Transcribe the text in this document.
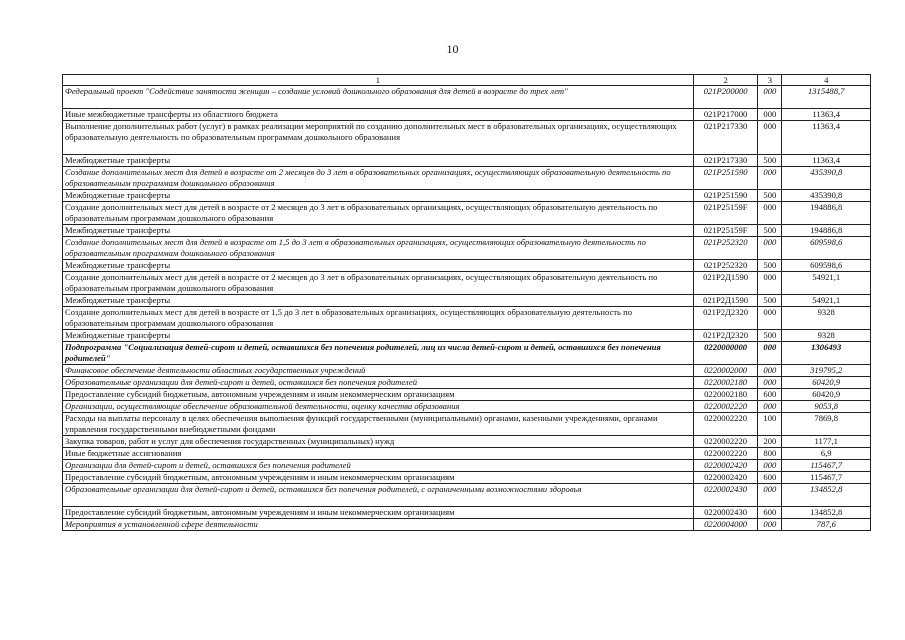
10
1	2	3	4
Федеральный проект "Содействие занятости женщин – создание условий дошкольного образования для детей в возрасте до трех лет"	021P200000	000	1315488,7
Иные межбюджетные трансферты из областного бюджета	021P217000	000	11363,4
Выполнение дополнительных работ (услуг) в рамках реализации мероприятий по созданию дополнительных мест в образовательных организациях, осуществляющих образовательную деятельность по образовательным программам дошкольного образования	021P217330	000	11363,4
Межбюджетные трансферты	021P217330	500	11363,4
Создание дополнительных мест для детей в возрасте от 2 месяцев до 3 лет в образовательных организациях, осуществляющих образовательную деятельность по образовательным программам дошкольного образования	021P251590	000	435390,8
Межбюджетные трансферты	021P251590	500	435390,8
Создание дополнительных мест для детей в возрасте от 2 месяцев до 3 лет в образовательных организациях, осуществляющих образовательную деятельность по образовательным программам дошкольного образования	021P25159F	000	194886,8
Межбюджетные трансферты	021P25159F	500	194886,8
Создание дополнительных мест для детей в возрасте от 1,5 до 3 лет в образовательных организациях, осуществляющих образовательную деятельность по образовательным программам дошкольного образования	021P252320	000	609598,6
Межбюджетные трансферты	021P252320	500	609598,6
Создание дополнительных мест для детей в возрасте от 2 месяцев до 3 лет в образовательных организациях, осуществляющих образовательную деятельность по образовательным программам дошкольного образования	021P2Д1590	000	54921,1
Межбюджетные трансферты	021P2Д1590	500	54921,1
Создание дополнительных мест для детей в возрасте от 1,5 до 3 лет в образовательных организациях, осуществляющих образовательную деятельность по образовательным программам дошкольного образования	021P2Д2320	000	9328
Межбюджетные трансферты	021P2Д2320	500	9328
Подпрограмма "Социализация детей-сирот и детей, оставшихся без попечения родителей, лиц из числа детей-сирот и детей, оставшихся без попечения родителей"	0220000000	000	1306493
Финансовое обеспечение деятельности областных государственных учреждений	0220002000	000	319795,2
Образовательные организации для детей-сирот и детей, оставшихся без попечения родителей	0220002180	000	60420,9
Предоставление субсидий бюджетным, автономным учреждениям и иным некоммерческим организациям	0220002180	600	60420,9
Организации, осуществляющие обеспечение образовательной деятельности, оценку качества образования	0220002220	000	9053,8
Расходы на выплаты персоналу в целях обеспечения выполнения функций государственными (муниципальными) органами, казенными учреждениями, органами управления государственными внебюджетными фондами	0220002220	100	7869,8
Закупка товаров, работ и услуг для обеспечения государственных (муниципальных) нужд	0220002220	200	1177,1
Иные бюджетные ассигнования	0220002220	800	6,9
Организации для детей-сирот и детей, оставшихся без попечения родителей	0220002420	000	115467,7
Предоставление субсидий бюджетным, автономным учреждениям и иным некоммерческим организациям	0220002420	600	115467,7
Образовательные организации для детей-сирот и детей, оставшихся без попечения родителей, с ограниченными возможностями здоровья	0220002430	000	134852,8
Предоставление субсидий бюджетным, автономным учреждениям и иным некоммерческим организациям	0220002430	600	134852,8
Мероприятия в установленной сфере деятельности	0220004000	000	787,6
